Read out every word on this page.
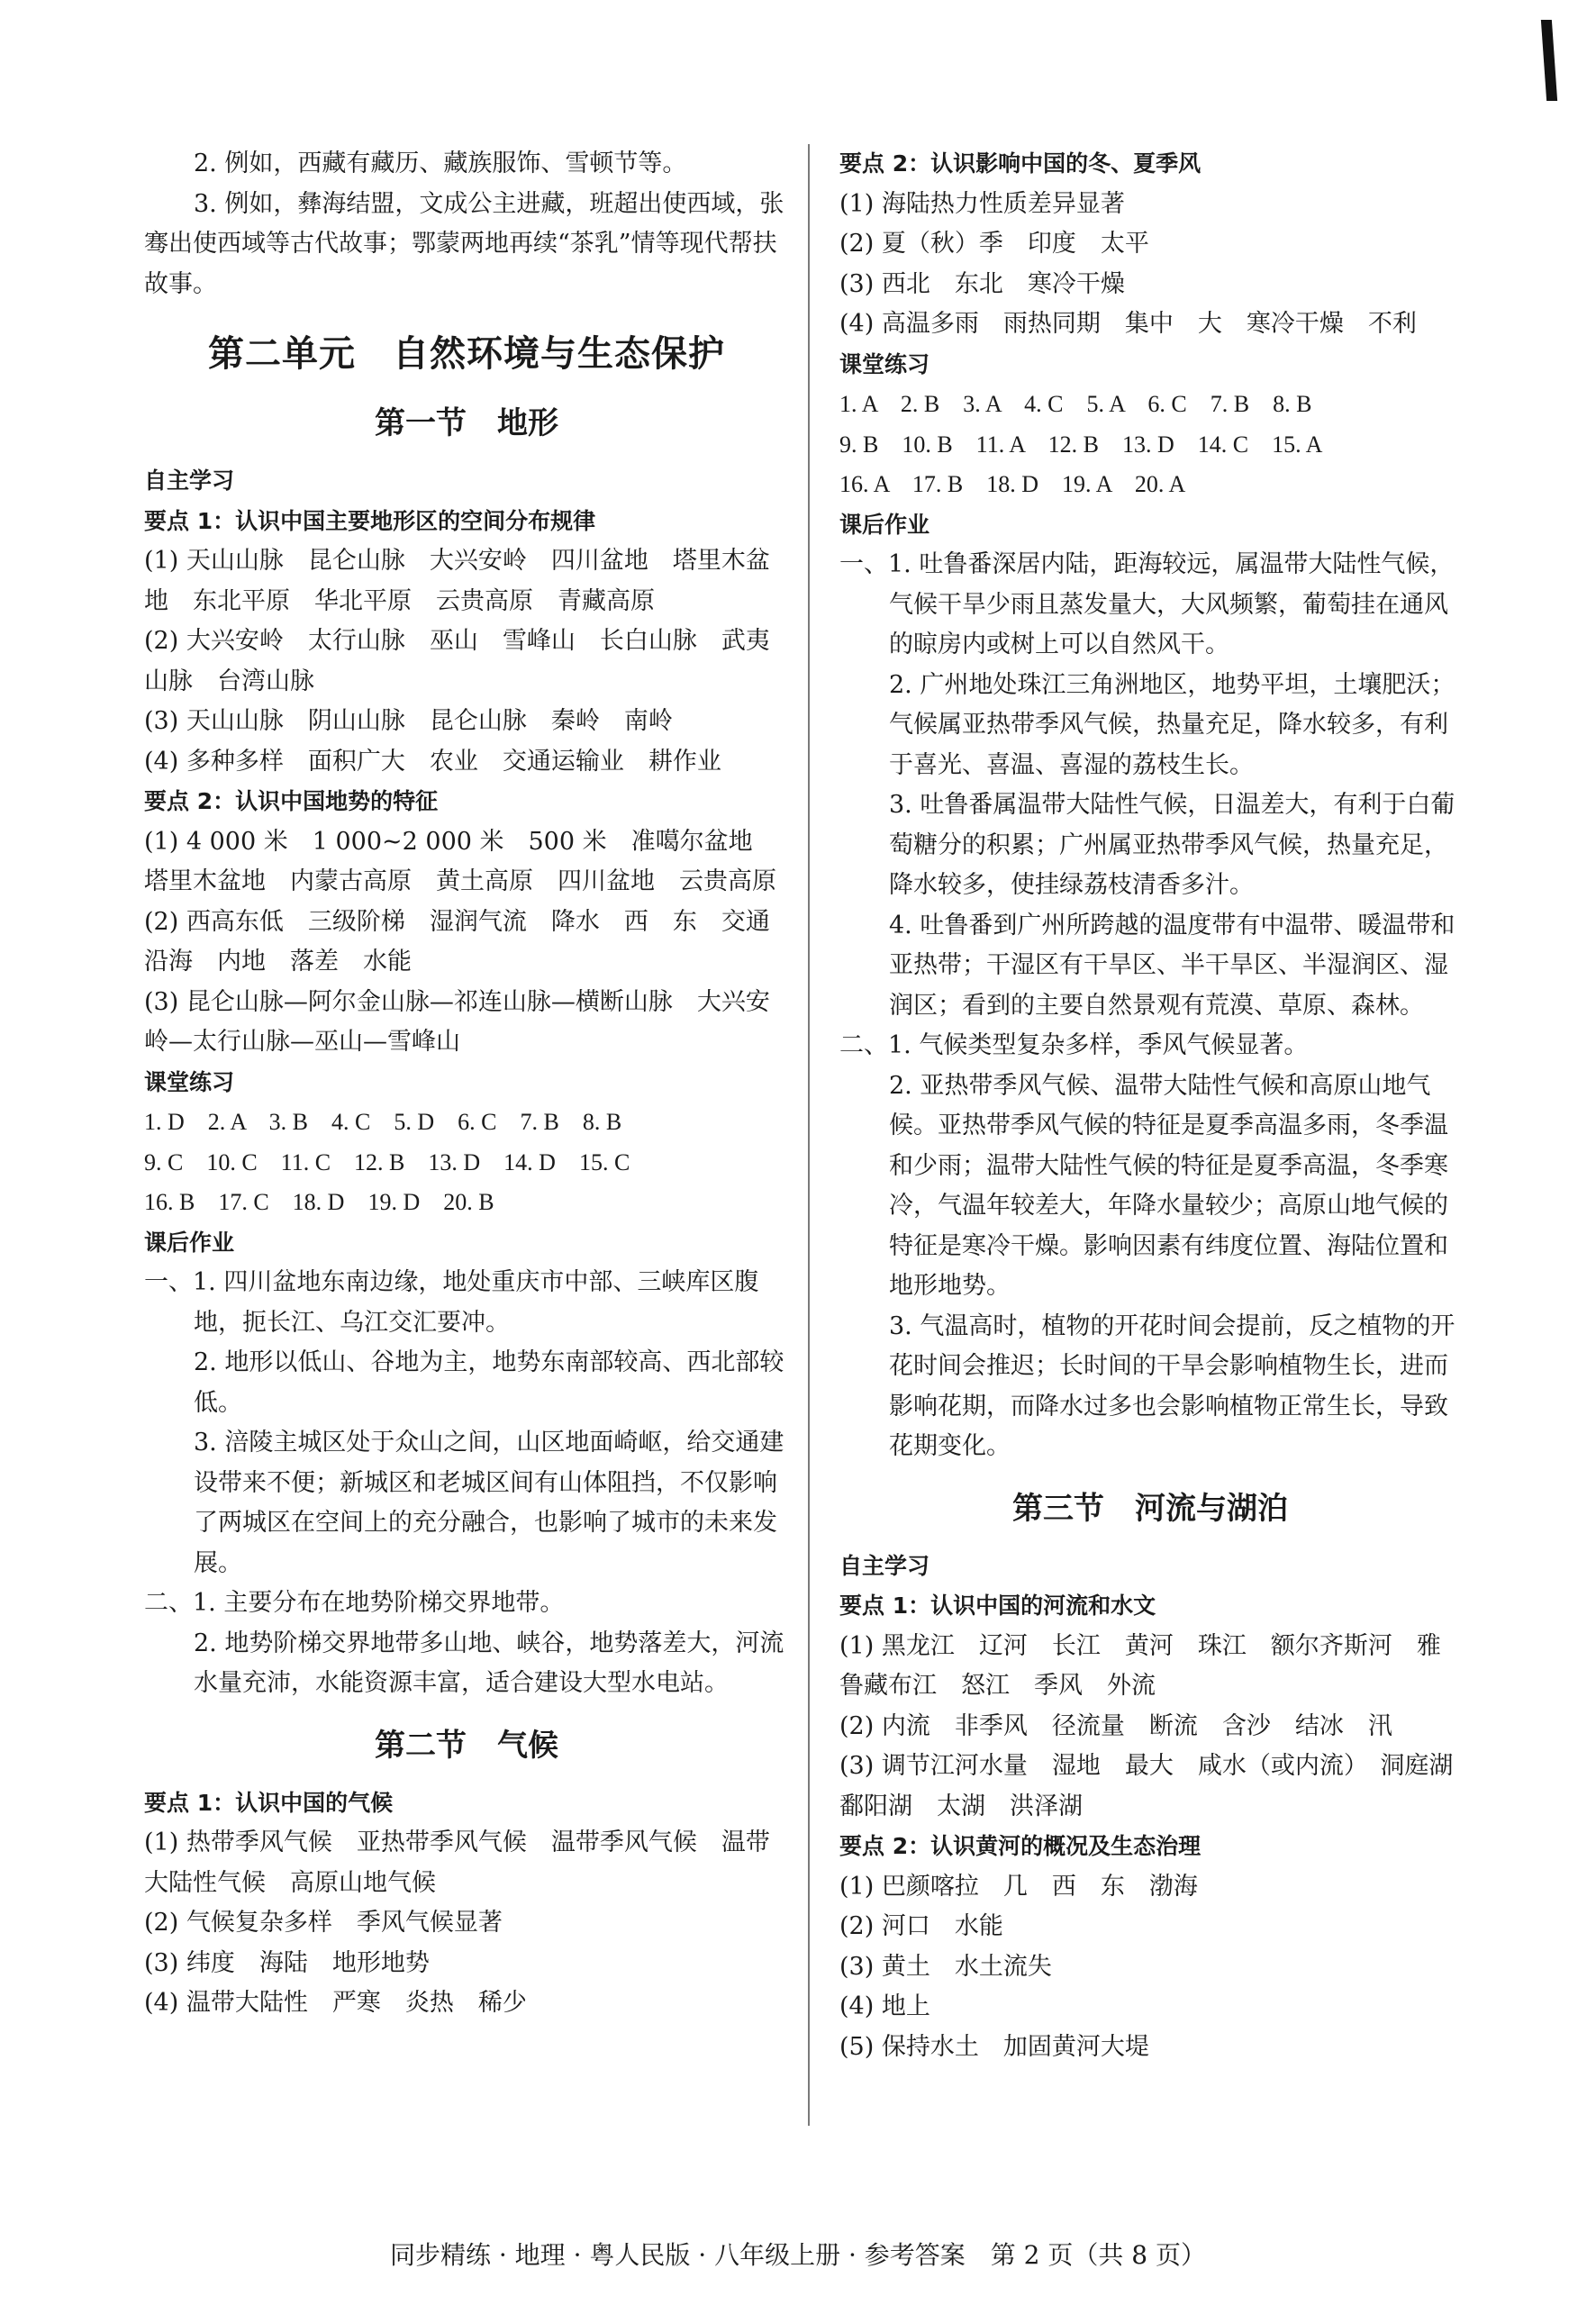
2. 例如，西藏有藏历、藏族服饰、雪顿节等。

3. 例如，彝海结盟，文成公主进藏，班超出使西域，张骞出使西域等古代故事；鄂蒙两地再续“茶乳”情等现代帮扶故事。

第二单元　自然环境与生态保护
第一节　地形

自主学习

要点 1：认识中国主要地形区的空间分布规律

(1) 天山山脉　昆仑山脉　大兴安岭　四川盆地　塔里木盆地　东北平原　华北平原　云贵高原　青藏高原

(2) 大兴安岭　太行山脉　巫山　雪峰山　长白山脉　武夷山脉　台湾山脉

(3) 天山山脉　阴山山脉　昆仑山脉　秦岭　南岭

(4) 多种多样　面积广大　农业　交通运输业　耕作业

要点 2：认识中国地势的特征

(1) 4 000 米　1 000~2 000 米　500 米　准噶尔盆地　塔里木盆地　内蒙古高原　黄土高原　四川盆地　云贵高原

(2) 西高东低　三级阶梯　湿润气流　降水　西　东　交通　沿海　内地　落差　水能

(3) 昆仑山脉—阿尔金山脉—祁连山脉—横断山脉　大兴安岭—太行山脉—巫山—雪峰山

课堂练习

1. D　2. A　3. B　4. C　5. D　6. C　7. B　8. B

9. C　10. C　11. C　12. B　13. D　14. D　15. C

16. B　17. C　18. D　19. D　20. B

课后作业

一、1. 四川盆地东南边缘，地处重庆市中部、三峡库区腹地，扼长江、乌江交汇要冲。

2. 地形以低山、谷地为主，地势东南部较高、西北部较低。

3. 涪陵主城区处于众山之间，山区地面崎岖，给交通建设带来不便；新城区和老城区间有山体阻挡，不仅影响了两城区在空间上的充分融合，也影响了城市的未来发展。

二、1. 主要分布在地势阶梯交界地带。

2. 地势阶梯交界地带多山地、峡谷，地势落差大，河流水量充沛，水能资源丰富，适合建设大型水电站。

第二节　气候

要点 1：认识中国的气候

(1) 热带季风气候　亚热带季风气候　温带季风气候　温带大陆性气候　高原山地气候

(2) 气候复杂多样　季风气候显著

(3) 纬度　海陆　地形地势

(4) 温带大陆性　严寒　炎热　稀少

要点 2：认识影响中国的冬、夏季风

(1) 海陆热力性质差异显著

(2) 夏（秋）季　印度　太平

(3) 西北　东北　寒冷干燥

(4) 高温多雨　雨热同期　集中　大　寒冷干燥　不利

课堂练习

1. A　2. B　3. A　4. C　5. A　6. C　7. B　8. B

9. B　10. B　11. A　12. B　13. D　14. C　15. A

16. A　17. B　18. D　19. A　20. A

课后作业

一、1. 吐鲁番深居内陆，距海较远，属温带大陆性气候，气候干旱少雨且蒸发量大，大风频繁，葡萄挂在通风的晾房内或树上可以自然风干。

2. 广州地处珠江三角洲地区，地势平坦，土壤肥沃；气候属亚热带季风气候，热量充足，降水较多，有利于喜光、喜温、喜湿的荔枝生长。

3. 吐鲁番属温带大陆性气候，日温差大，有利于白葡萄糖分的积累；广州属亚热带季风气候，热量充足，降水较多，使挂绿荔枝清香多汁。

4. 吐鲁番到广州所跨越的温度带有中温带、暖温带和亚热带；干湿区有干旱区、半干旱区、半湿润区、湿润区；看到的主要自然景观有荒漠、草原、森林。

二、1. 气候类型复杂多样，季风气候显著。

2. 亚热带季风气候、温带大陆性气候和高原山地气候。亚热带季风气候的特征是夏季高温多雨，冬季温和少雨；温带大陆性气候的特征是夏季高温，冬季寒冷，气温年较差大，年降水量较少；高原山地气候的特征是寒冷干燥。影响因素有纬度位置、海陆位置和地形地势。

3. 气温高时，植物的开花时间会提前，反之植物的开花时间会推迟；长时间的干旱会影响植物生长，进而影响花期，而降水过多也会影响植物正常生长，导致花期变化。

第三节　河流与湖泊

自主学习

要点 1：认识中国的河流和水文

(1) 黑龙江　辽河　长江　黄河　珠江　额尔齐斯河　雅鲁藏布江　怒江　季风　外流

(2) 内流　非季风　径流量　断流　含沙　结冰　汛

(3) 调节江河水量　湿地　最大　咸水（或内流）　洞庭湖

鄱阳湖　太湖　洪泽湖

要点 2：认识黄河的概况及生态治理

(1) 巴颜喀拉　几　西　东　渤海

(2) 河口　水能

(3) 黄土　水土流失

(4) 地上

(5) 保持水土　加固黄河大堤

同步精练 · 地理 · 粤人民版 · 八年级上册 · 参考答案　第 2 页（共 8 页）
